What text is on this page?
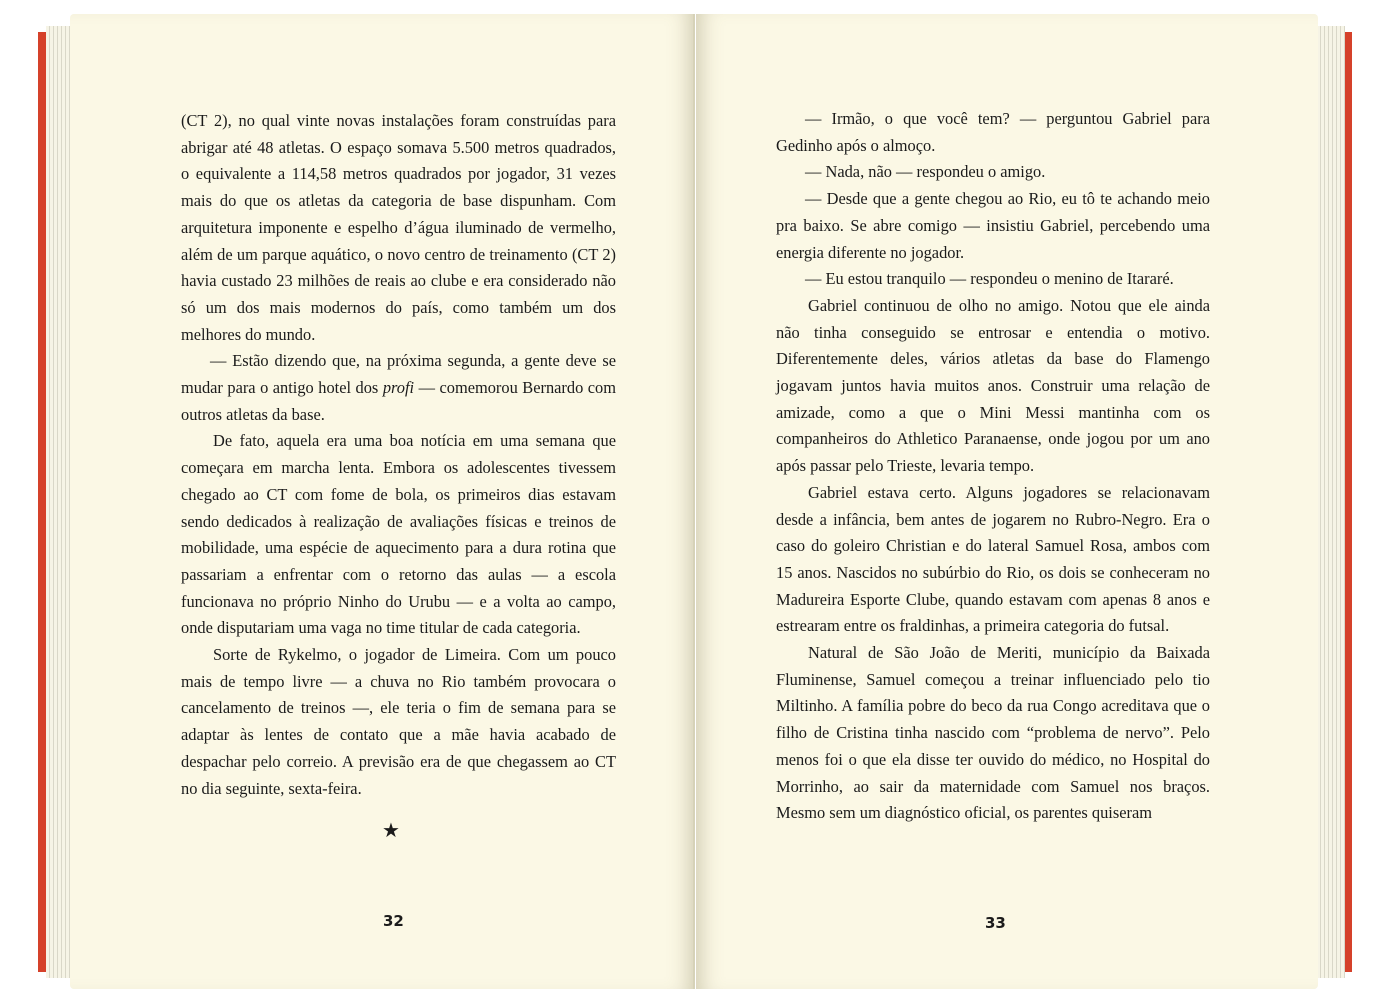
(CT 2), no qual vinte novas instalações foram construídas para abrigar até 48 atletas. O espaço somava 5.500 metros quadrados, o equivalente a 114,58 metros quadrados por jogador, 31 vezes mais do que os atletas da categoria de base dispunham. Com arquitetura imponente e espelho d’água iluminado de vermelho, além de um parque aquático, o novo centro de treinamento (CT 2) havia custado 23 milhões de reais ao clube e era considerado não só um dos mais modernos do país, como também um dos melhores do mundo.

— Estão dizendo que, na próxima segunda, a gente deve se mudar para o antigo hotel dos profi — comemorou Bernardo com outros atletas da base.

De fato, aquela era uma boa notícia em uma semana que começara em marcha lenta. Embora os adolescentes tivessem chegado ao CT com fome de bola, os primeiros dias estavam sendo dedicados à realização de avaliações físicas e treinos de mobilidade, uma espécie de aquecimento para a dura rotina que passariam a enfrentar com o retorno das aulas — a escola funcionava no próprio Ninho do Urubu — e a volta ao campo, onde disputariam uma vaga no time titular de cada categoria.

Sorte de Rykelmo, o jogador de Limeira. Com um pouco mais de tempo livre — a chuva no Rio também provocara o cancelamento de treinos —, ele teria o fim de semana para se adaptar às lentes de contato que a mãe havia acabado de despachar pelo correio. A previsão era de que chegassem ao CT no dia seguinte, sexta-feira.

★
32

— Irmão, o que você tem? — perguntou Gabriel para Gedinho após o almoço.

— Nada, não — respondeu o amigo.

— Desde que a gente chegou ao Rio, eu tô te achando meio pra baixo. Se abre comigo — insistiu Gabriel, percebendo uma energia diferente no jogador.

— Eu estou tranquilo — respondeu o menino de Itararé.

Gabriel continuou de olho no amigo. Notou que ele ainda não tinha conseguido se entrosar e entendia o motivo. Diferentemente deles, vários atletas da base do Flamengo jogavam juntos havia muitos anos. Construir uma relação de amizade, como a que o Mini Messi mantinha com os companheiros do Athletico Paranaense, onde jogou por um ano após passar pelo Trieste, levaria tempo.

Gabriel estava certo. Alguns jogadores se relacionavam desde a infância, bem antes de jogarem no Rubro-Negro. Era o caso do goleiro Christian e do lateral Samuel Rosa, ambos com 15 anos. Nascidos no subúrbio do Rio, os dois se conheceram no Madureira Esporte Clube, quando estavam com apenas 8 anos e estrearam entre os fraldinhas, a primeira categoria do futsal.

Natural de São João de Meriti, município da Baixada Fluminense, Samuel começou a treinar influenciado pelo tio Miltinho. A família pobre do beco da rua Congo acreditava que o filho de Cristina tinha nascido com “problema de nervo”. Pelo menos foi o que ela disse ter ouvido do médico, no Hospital do Morrinho, ao sair da maternidade com Samuel nos braços. Mesmo sem um diagnóstico oficial, os parentes quiseram

33
